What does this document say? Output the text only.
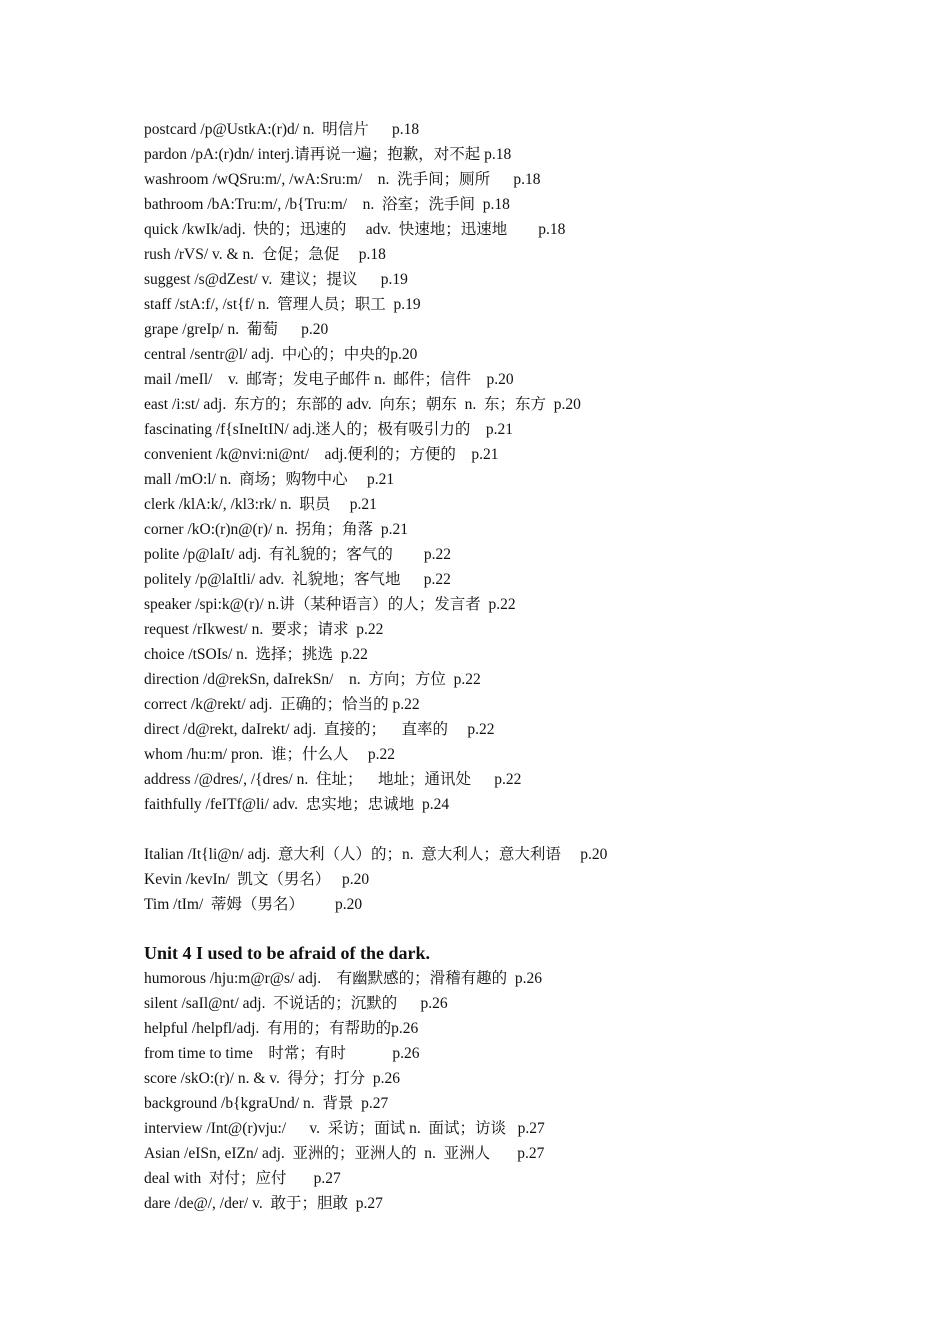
postcard /p@UstkA:(r)d/ n.  明信片      p.18
pardon /pA:(r)dn/ interj.请再说一遍；抱歉，对不起 p.18
washroom /wQSru:m/, /wA:Sru:m/    n.  洗手间；厕所      p.18
bathroom /bA:Tru:m/, /b{Tru:m/    n.  浴室；洗手间  p.18
quick /kwIk/adj.  快的；迅速的     adv.  快速地；迅速地        p.18
rush /rVS/ v. & n.  仓促；急促     p.18
suggest /s@dZest/ v.  建议；提议      p.19
staff /stA:f/, /st{f/ n.  管理人员；职工  p.19
grape /greIp/ n.  葡萄      p.20
central /sentr@l/ adj.  中心的；中央的p.20
mail /meIl/    v.  邮寄；发电子邮件 n.  邮件；信件    p.20
east /i:st/ adj.  东方的；东部的 adv.  向东；朝东  n.  东；东方  p.20
fascinating /f{sIneItIN/ adj.迷人的；极有吸引力的    p.21
convenient /k@nvi:ni@nt/    adj.便利的；方便的    p.21
mall /mO:l/ n.  商场；购物中心     p.21
clerk /klA:k/, /kl3:rk/ n.  职员     p.21
corner /kO:(r)n@(r)/ n.  拐角；角落  p.21
polite /p@laIt/ adj.  有礼貌的；客气的        p.22
politely /p@laItli/ adv.  礼貌地；客气地      p.22
speaker /spi:k@(r)/ n.讲（某种语言）的人；发言者  p.22
request /rIkwest/ n.  要求；请求  p.22
choice /tSOIs/ n.  选择；挑选  p.22
direction /d@rekSn, daIrekSn/    n.  方向；方位  p.22
correct /k@rekt/ adj.  正确的；恰当的 p.22
direct /d@rekt, daIrekt/ adj.  直接的；    直率的     p.22
whom /hu:m/ pron.  谁；什么人     p.22
address /@dres/, /{dres/ n.  住址；    地址；通讯处      p.22
faithfully /feITf@li/ adv.  忠实地；忠诚地  p.24
Italian /It{li@n/ adj.  意大利（人）的；n.  意大利人；意大利语     p.20
Kevin /kevIn/  凯文（男名）   p.20
Tim /tIm/  蒂姆（男名）        p.20
Unit 4 I used to be afraid of the dark.
humorous /hju:m@r@s/ adj.    有幽默感的；滑稽有趣的  p.26
silent /saIl@nt/ adj.  不说话的；沉默的      p.26
helpful /helpfl/adj.  有用的；有帮助的p.26
from time to time    时常；有时            p.26
score /skO:(r)/ n. & v.  得分；打分  p.26
background /b{kgraUnd/ n.  背景  p.27
interview /Int@(r)vju:/      v.  采访；面试 n.  面试；访谈   p.27
Asian /eISn, eIZn/ adj.  亚洲的；亚洲人的  n.  亚洲人       p.27
deal with  对付；应付       p.27
dare /de@/, /der/ v.  敢于；胆敢  p.27
